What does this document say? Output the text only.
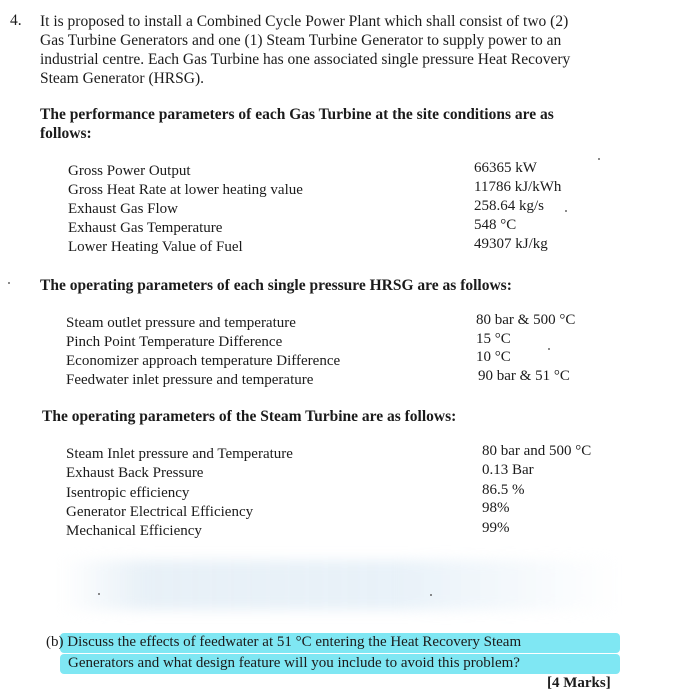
4. It is proposed to install a Combined Cycle Power Plant which shall consist of two (2)
Gas Turbine Generators and one (1) Steam Turbine Generator to supply power to an
industrial centre. Each Gas Turbine has one associated single pressure Heat Recovery
Steam Generator (HRSG).
The performance parameters of each Gas Turbine at the site conditions are as
follows:
Gross Power Output	66365 kW
Gross Heat Rate at lower heating value	11786 kJ/kWh
Exhaust Gas Flow	258.64 kg/s
Exhaust Gas Temperature	548 °C
Lower Heating Value of Fuel	49307 kJ/kg
The operating parameters of each single pressure HRSG are as follows:
Steam outlet pressure and temperature	80 bar & 500 °C
Pinch Point Temperature Difference	15 °C
Economizer approach temperature Difference	10 °C
Feedwater inlet pressure and temperature	90 bar & 51 °C
The operating parameters of the Steam Turbine are as follows:
Steam Inlet pressure and Temperature	80 bar and 500 °C
Exhaust Back Pressure	0.13 Bar
Isentropic efficiency	86.5 %
Generator Electrical Efficiency	98%
Mechanical Efficiency	99%
(b) Discuss the effects of feedwater at 51 °C entering the Heat Recovery Steam
Generators and what design feature will you include to avoid this problem?
[4 Marks]
